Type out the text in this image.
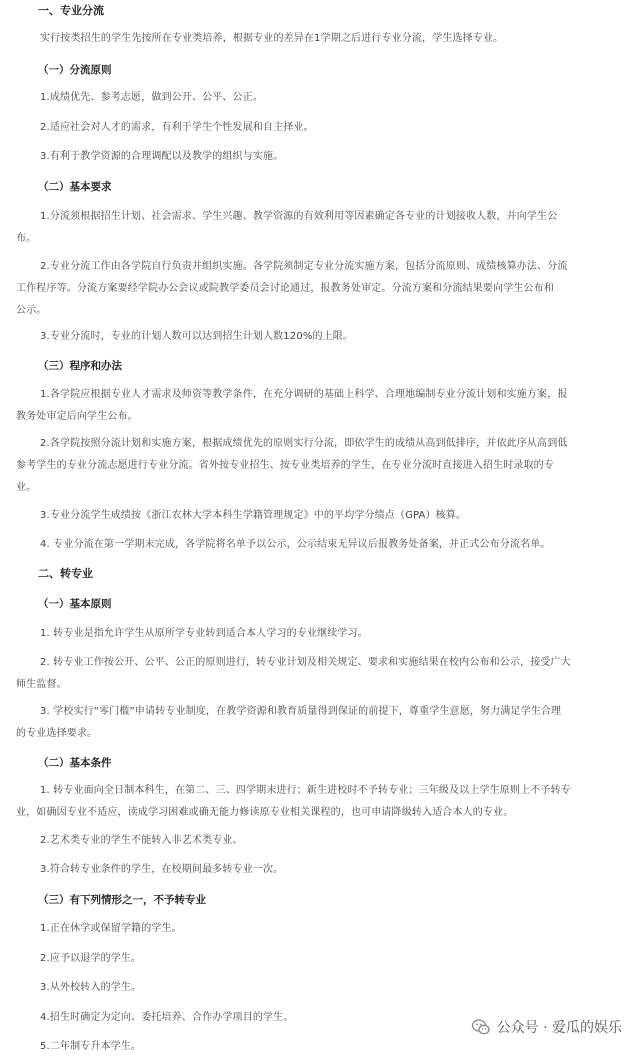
一、专业分流
实行按类招生的学生先按所在专业类培养，根据专业的差异在1学期之后进行专业分流，学生选择专业。
（一）分流原则
1.成绩优先、参考志愿，做到公开、公平、公正。
2.适应社会对人才的需求，有利于学生个性发展和自主择业。
3.有利于教学资源的合理调配以及教学的组织与实施。
（二）基本要求
1.分流须根据招生计划、社会需求、学生兴趣、教学资源的有效利用等因素确定各专业的计划接收人数，并向学生公
布。
2.专业分流工作由各学院自行负责并组织实施。各学院须制定专业分流实施方案，包括分流原则、成绩核算办法、分流
工作程序等。分流方案要经学院办公会议或院教学委员会讨论通过，报教务处审定。分流方案和分流结果要向学生公布和
公示。
3.专业分流时，专业的计划人数可以达到招生计划人数120%的上限。
（三）程序和办法
1.各学院应根据专业人才需求及师资等教学条件，在充分调研的基础上科学、合理地编制专业分流计划和实施方案，报
教务处审定后向学生公布。
2.各学院按照分流计划和实施方案，根据成绩优先的原则实行分流，即依学生的成绩从高到低排序，并依此序从高到低
参考学生的专业分流志愿进行专业分流。省外按专业招生、按专业类培养的学生，在专业分流时直接进入招生时录取的专
业。
3.专业分流学生成绩按《浙江农林大学本科生学籍管理规定》中的平均学分绩点（GPA）核算。
4. 专业分流在第一学期末完成，各学院将名单予以公示，公示结束无异议后报教务处备案，并正式公布分流名单。
二、转专业
（一）基本原则
1. 转专业是指允许学生从原所学专业转到适合本人学习的专业继续学习。
2. 转专业工作按公开、公平、公正的原则进行，转专业计划及相关规定、要求和实施结果在校内公布和公示，接受广大
师生监督。
3. 学校实行“零门槛”申请转专业制度，在教学资源和教育质量得到保证的前提下，尊重学生意愿，努力满足学生合理
的专业选择要求。
（二）基本条件
1. 转专业面向全日制本科生，在第二、三、四学期末进行；新生进校时不予转专业；三年级及以上学生原则上不予转专
业，如确因专业不适应，读成学习困难或确无能力修读原专业相关课程的，也可申请降级转入适合本人的专业。
2.艺术类专业的学生不能转入非艺术类专业。
3.符合转专业条件的学生，在校期间最多转专业一次。
（三）有下列情形之一，不予转专业
1.正在休学或保留学籍的学生。
2.应予以退学的学生。
3.从外校转入的学生。
4.招生时确定为定向、委托培养、合作办学项目的学生。
5.二年制专升本学生。
公众号 · 爱瓜的娱乐
